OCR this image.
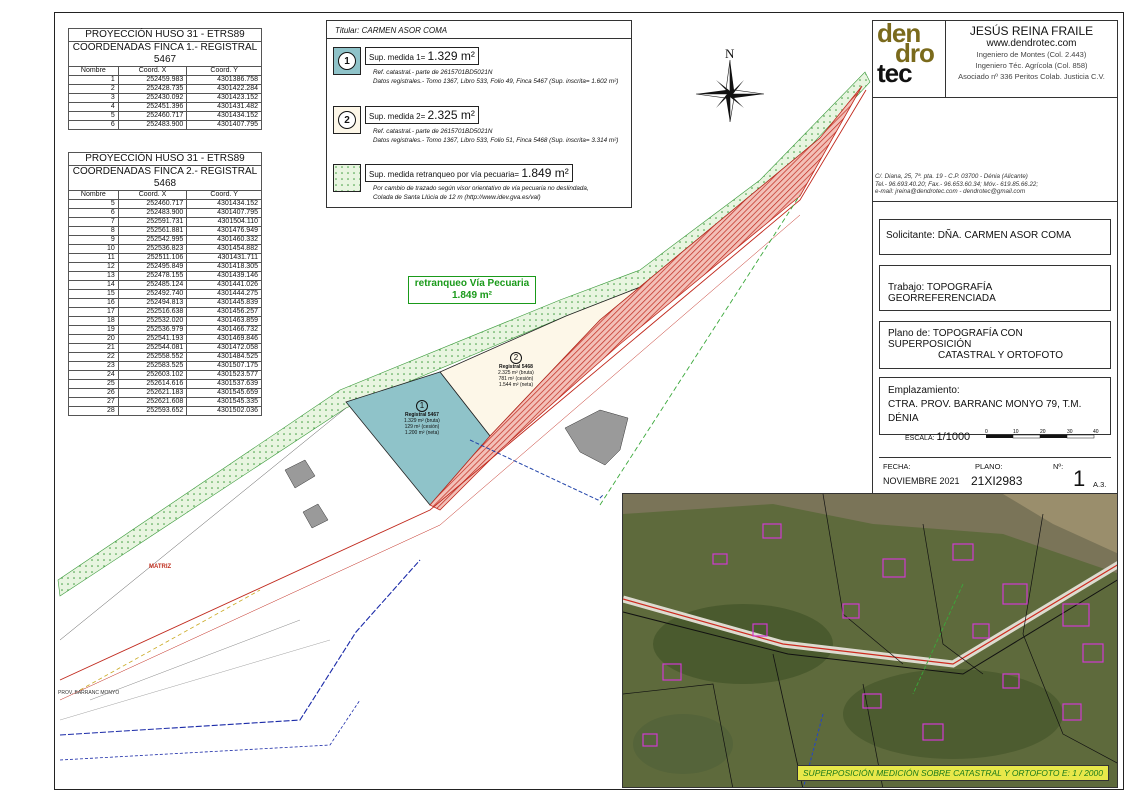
PROYECCIÓN HUSO 31 - ETRS89		
COORDENADAS FINCA 1.- REGISTRAL 5467		
Nombre	Coord. X	Coord. Y
1	252459.983	4301386.758
2	252428.735	4301422.284
3	252430.092	4301423.152
4	252451.396	4301431.482
5	252460.717	4301434.152
6	252483.900	4301407.795
PROYECCIÓN HUSO 31 - ETRS89		
COORDENADAS FINCA 2.- REGISTRAL 5468		
Nombre	Coord. X	Coord. Y
5	252460.717	4301434.152
6	252483.900	4301407.795
7	252591.731	4301504.110
8	252561.881	4301476.949
9	252542.995	4301460.332
10	252536.823	4301454.882
11	252511.106	4301431.711
12	252495.849	4301418.305
13	252478.155	4301439.146
14	252485.124	4301441.026
15	252492.740	4301444.275
16	252494.813	4301445.839
17	252516.638	4301456.257
18	252532.020	4301463.859
19	252536.979	4301466.732
20	252541.193	4301469.846
21	252544.081	4301472.058
22	252558.552	4301484.525
23	252583.525	4301507.175
24	252603.102	4301523.577
25	252614.616	4301537.639
26	252621.183	4301545.659
27	252621.608	4301545.335
28	252593.652	4301502.036
Titular: CARMEN ASOR COMA
1	Sup. medida 1= 1.329 m²
Ref. catastral.- parte de 2615701BD5021N
Datos registrales.- Tomo 1367, Libro 533, Folio 49, Finca 5467 (Sup. inscrita= 1.602 m²)
2	Sup. medida 2= 2.325 m²
Ref. catastral.- parte de 2615701BD5021N
Datos registrales.- Tomo 1367, Libro 533, Folio 51, Finca 5468 (Sup. inscrita= 3.314 m²)
Sup. medida retranqueo por vía pecuaria= 1.849 m²
Por cambio de trazado según visor orientativo de vía pecuaria no deslindada,
Colada de Santa Llúcia de 12 m (http://www.idev.gva.es/val)
N
retranqueo Vía Pecuaria
1.849 m²
1
Registral 5467
1.329 m² (bruta)
129 m² (cesión)
1.200 m² (neta)
2
Registral 5468
2.325 m² (bruta)
781 m² (cesión)
1.544 m² (neta)
MATRIZ
PROV. BARRANC MONYO
den
dro
tec
JESÚS REINA FRAILE
www.dendrotec.com
Ingeniero de Montes (Col. 2.443)
Ingeniero Téc. Agrícola (Col. 858)
Asociado nº 336 Peritos Colab. Justicia C.V.
C/. Diana, 25, 7ª. pta. 19 - C.P. 03700 - Dénia (Alicante)
Tel.- 96.693.40.20; Fax.- 96.653.60.34; Móv.- 619.85.66.22;
e-mail: jreina@dendrotec.com - dendrotec@gmail.com
Solicitante: DÑA. CARMEN ASOR COMA
Trabajo: TOPOGRAFÍA GEORREFERENCIADA
Plano de: TOPOGRAFÍA CON SUPERPOSICIÓN
CATASTRAL Y ORTOFOTO
Emplazamiento:
CTRA. PROV. BARRANC MONYO 79, T.M. DÉNIA
ESCALA: 1/1000	0	10	20	30	40
FECHA:
NOVIEMBRE 2021
PLANO:
21XI2983
Nº: 1 A.3.
SUPERPOSICIÓN MEDICIÓN SOBRE CATASTRAL Y ORTOFOTO E: 1 / 2000
